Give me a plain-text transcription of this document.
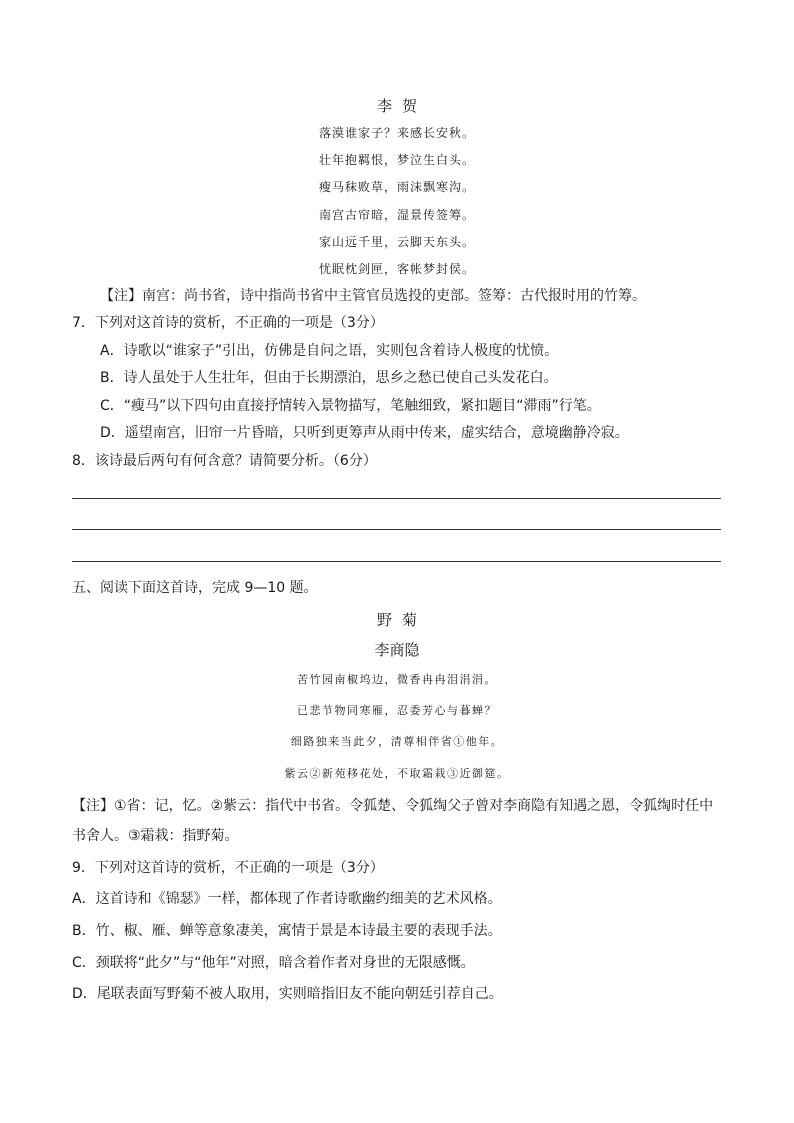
李贺
落漠谁家子？来感长安秋。
壮年抱羁恨，梦泣生白头。
瘦马秣败草，雨沫飘寒沟。
南宫古帘暗，湿景传签筹。
家山远千里，云脚天东头。
忧眠枕剑匣，客帐梦封侯。
【注】南宫：尚书省，诗中指尚书省中主管官员选投的吏部。签筹：古代报时用的竹筹。
7．下列对这首诗的赏析，不正确的一项是（3分）
A．诗歌以“谁家子”引出，仿佛是自问之语，实则包含着诗人极度的忧愤。
B．诗人虽处于人生壮年，但由于长期漂泊，思乡之愁已使自己头发花白。
C．“瘦马”以下四句由直接抒情转入景物描写，笔触细致，紧扣题目“滞雨”行笔。
D．遥望南宫，旧帘一片昏暗，只听到更筹声从雨中传来，虚实结合，意境幽静冷寂。
8．该诗最后两句有何含意？请简要分析。（6分）
五、阅读下面这首诗，完成 9—10 题。
野菊
李商隐
苦竹园南椒坞边，微香冉冉泪涓涓。
已悲节物同寒雁，忍委芳心与暮蝉？
细路独来当此夕，清尊相伴省①他年。
紫云②新苑移花处，不取霜栽③近御筵。
【注】①省：记，忆。②紫云：指代中书省。令狐楚、令狐绹父子曾对李商隐有知遇之恩，令狐绹时任中
书舍人。③霜栽：指野菊。
9．下列对这首诗的赏析，不正确的一项是（3分）
A．这首诗和《锦瑟》一样，都体现了作者诗歌幽约细美的艺术风格。
B．竹、椒、雁、蝉等意象凄美，寓情于景是本诗最主要的表现手法。
C．颈联将“此夕”与“他年”对照，暗含着作者对身世的无限感慨。
D．尾联表面写野菊不被人取用，实则暗指旧友不能向朝廷引荐自己。
